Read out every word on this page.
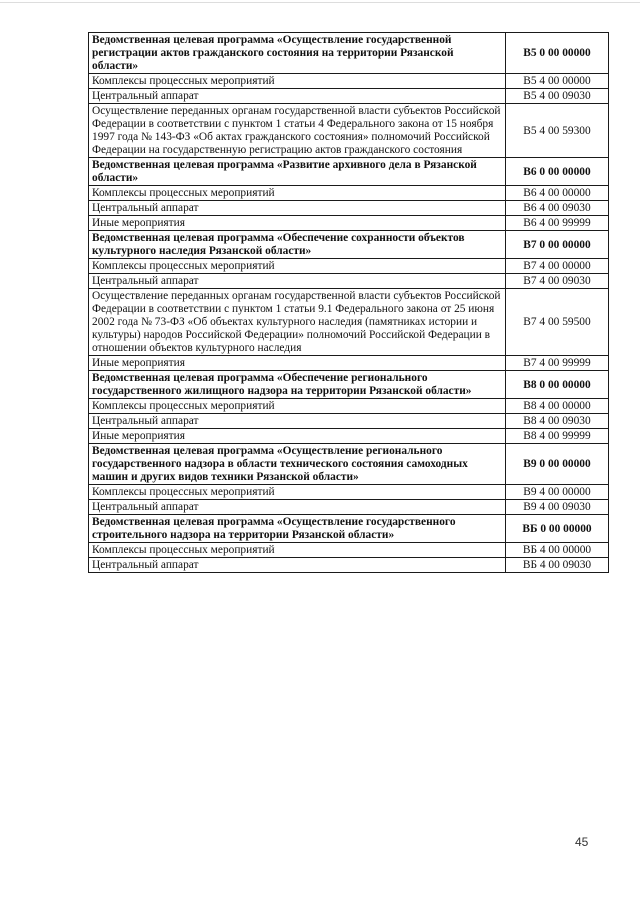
Ведомственная целевая программа «Осуществление государственной регистрации актов гражданского состояния на территории Рязанской области»	В5 0 00 00000
Комплексы процессных мероприятий	В5 4 00 00000
Центральный аппарат	В5 4 00 09030
Осуществление переданных органам государственной власти субъектов Российской Федерации в соответствии с пунктом 1 статьи 4 Федерального закона от 15 ноября 1997 года № 143-ФЗ «Об актах гражданского состояния» полномочий Российской Федерации на государственную регистрацию актов гражданского состояния	В5 4 00 59300
Ведомственная целевая программа «Развитие архивного дела в Рязанской области»	В6 0 00 00000
Комплексы процессных мероприятий	В6 4 00 00000
Центральный аппарат	В6 4 00 09030
Иные мероприятия	В6 4 00 99999
Ведомственная целевая программа «Обеспечение сохранности объектов культурного наследия Рязанской области»	В7 0 00 00000
Комплексы процессных мероприятий	В7 4 00 00000
Центральный аппарат	В7 4 00 09030
Осуществление переданных органам государственной власти субъектов Российской Федерации в соответствии с пунктом 1 статьи 9.1 Федерального закона от 25 июня 2002 года № 73-ФЗ «Об объектах культурного наследия (памятниках истории и культуры) народов Российской Федерации» полномочий Российской Федерации в отношении объектов культурного наследия	В7 4 00 59500
Иные мероприятия	В7 4 00 99999
Ведомственная целевая программа «Обеспечение регионального государственного жилищного надзора на территории Рязанской области»	В8 0 00 00000
Комплексы процессных мероприятий	В8 4 00 00000
Центральный аппарат	В8 4 00 09030
Иные мероприятия	В8 4 00 99999
Ведомственная целевая программа «Осуществление регионального государственного надзора в области технического состояния самоходных машин и других видов техники Рязанской области»	В9 0 00 00000
Комплексы процессных мероприятий	В9 4 00 00000
Центральный аппарат	В9 4 00 09030
Ведомственная целевая программа «Осуществление государственного строительного надзора на территории Рязанской области»	ВБ 0 00 00000
Комплексы процессных мероприятий	ВБ 4 00 00000
Центральный аппарат	ВБ 4 00 09030
45
